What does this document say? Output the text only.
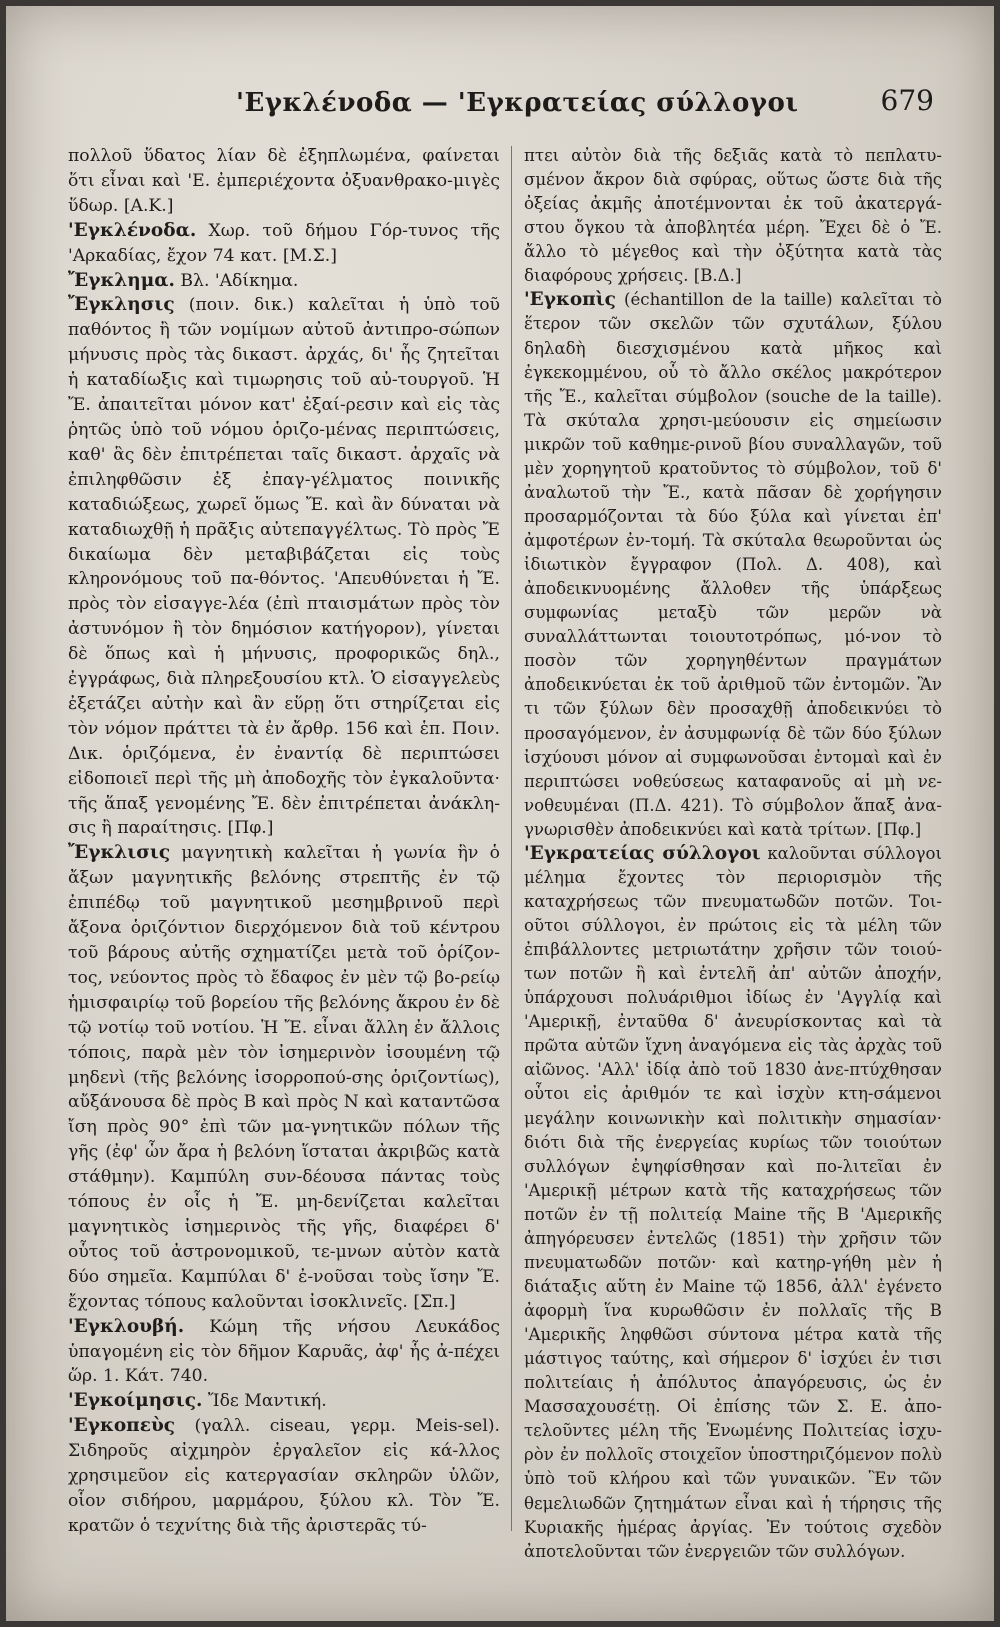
'Εγκλένοδα — 'Εγκρατείας σύλλογοι	679

πολλοῦ ὕδατος λίαν δὲ ἐξηπλωμένα, φαίνεται ὅτι εἶναι καὶ 'Ε. ἐμπεριέχοντα ὀξυανθρακο-μιγὲς ὕδωρ. [Α.Κ.]

'Εγκλένοδα. Χωρ. τοῦ δήμου Γόρ-τυνος τῆς 'Αρκαδίας, ἔχον 74 κατ. [Μ.Σ.]

Ἔγκλημα. Βλ. 'Αδίκημα.

Ἔγκλησις (ποιν. δικ.) καλεῖται ἡ ὑπὸ τοῦ παθόντος ἢ τῶν νομίμων αὐτοῦ ἀντιπρο-σώπων μήνυσις πρὸς τὰς δικαστ. ἀρχάς, δι' ἧς ζητεῖται ἡ καταδίωξις καὶ τιμωρησις τοῦ αὐ-τουργοῦ. Ἡ Ἔ. ἀπαιτεῖται μόνον κατ' ἐξαί-ρεσιν καὶ εἰς τὰς ῥητῶς ὑπὸ τοῦ νόμου ὁριζο-μένας περιπτώσεις, καθ' ἃς δὲν ἐπιτρέπεται ταῖς δικαστ. ἀρχαῖς νὰ ἐπιληφθῶσιν ἐξ ἐπαγ-γέλματος ποινικῆς καταδιώξεως, χωρεῖ ὅμως Ἔ. καὶ ἂν δύναται νὰ καταδιωχθῇ ἡ πρᾶξις αὐτεπαγγέλτως. Τὸ πρὸς Ἔ δικαίωμα δὲν μεταβιβάζεται εἰς τοὺς κληρονόμους τοῦ πα-θόντος. 'Απευθύνεται ἡ Ἔ. πρὸς τὸν εἰσαγγε-λέα (ἐπὶ πταισμάτων πρὸς τὸν ἀστυνόμον ἢ τὸν δημόσιον κατήγορον), γίνεται δὲ ὅπως καὶ ἡ μήνυσις, προφορικῶς δηλ., ἐγγράφως, διὰ πληρεξουσίου κτλ. Ὁ εἰσαγγελεὺς ἐξετάζει αὐτὴν καὶ ἂν εὕρῃ ὅτι στηρίζεται εἰς τὸν νόμον πράττει τὰ ἐν ἄρθρ. 156 καὶ ἑπ. Ποιν. Δικ. ὁριζόμενα, ἐν ἐναντίᾳ δὲ περιπτώσει εἰδοποιεῖ περὶ τῆς μὴ ἀποδοχῆς τὸν ἐγκαλοῦντα· τῆς ἅπαξ γενομένης Ἔ. δὲν ἐπιτρέπεται ἀνάκλη-σις ἢ παραίτησις. [Πφ.]

Ἔγκλισις μαγνητικὴ καλεῖται ἡ γωνία ἣν ὁ ἄξων μαγνητικῆς βελόνης στρεπτῆς ἐν τῷ ἐπιπέδῳ τοῦ μαγνητικοῦ μεσημβρινοῦ περὶ ἄξονα ὁριζόντιον διερχόμενον διὰ τοῦ κέντρου τοῦ βάρους αὐτῆς σχηματίζει μετὰ τοῦ ὁρίζον-τος, νεύοντος πρὸς τὸ ἔδαφος ἐν μὲν τῷ βο-ρείῳ ἡμισφαιρίῳ τοῦ βορείου τῆς βελόνης ἄκρου ἐν δὲ τῷ νοτίῳ τοῦ νοτίου. Ἡ Ἔ. εἶναι ἄλλη ἐν ἄλλοις τόποις, παρὰ μὲν τὸν ἰσημερινὸν ἰσουμένη τῷ μηδενὶ (τῆς βελόνης ἰσορροπού-σης ὁριζοντίως), αὔξάνουσα δὲ πρὸς Β καὶ πρὸς Ν καὶ καταντῶσα ἴση πρὸς 90° ἐπὶ τῶν μα-γνητικῶν πόλων τῆς γῆς (ἐφ' ὧν ἄρα ἡ βελόνη ἵσταται ἀκριβῶς κατὰ στάθμην). Καμπύλη συν-δέουσα πάντας τοὺς τόπους ἐν οἷς ἡ Ἔ. μη-δενίζεται καλεῖται μαγνητικὸς ἰσημερινὸς τῆς γῆς, διαφέρει δ' οὗτος τοῦ ἀστρονομικοῦ, τε-μνων αὐτὸν κατὰ δύο σημεῖα. Καμπύλαι δ' ἐ-νοῦσαι τοὺς ἴσην Ἔ. ἔχοντας τόπους καλοῦνται ἰσοκλινεῖς. [Σπ.]

'Εγκλουβή. Κώμη τῆς νήσου Λευκάδος ὑπαγομένη εἰς τὸν δῆμον Καρυᾶς, ἀφ' ἧς ἀ-πέχει ὥρ. 1. Κάτ. 740.

'Εγκοίμησις. Ἴδε Μαντική.

'Εγκοπεὺς (γαλλ. ciseau, γερμ. Meis-sel). Σιδηροῦς αἰχμηρὸν ἐργαλεῖον εἰς κά-λλος χρησιμεῦον εἰς κατεργασίαν σκληρῶν ὑλῶν, οἷον σιδήρου, μαρμάρου, ξύλου κλ. Τὸν Ἔ. κρατῶν ὁ τεχνίτης διὰ τῆς ἀριστερᾶς τύ-

πτει αὐτὸν διὰ τῆς δεξιᾶς κατὰ τὸ πεπλατυ-σμένον ἄκρον διὰ σφύρας, οὕτως ὥστε διὰ τῆς ὀξείας ἀκμῆς ἀποτέμνονται ἐκ τοῦ ἀκατεργά-στου ὄγκου τὰ ἀποβλητέα μέρη. Ἔχει δὲ ὁ Ἔ. ἄλλο τὸ μέγεθος καὶ τὴν ὀξύτητα κατὰ τὰς διαφόρους χρήσεις. [Β.Δ.]

'Εγκοπὶς (échantillon de la taille) καλεῖται τὸ ἕτερον τῶν σκελῶν τῶν σχυτάλων, ξύλου δηλαδὴ διεσχισμένου κατὰ μῆκος καὶ ἐγκεκομμένου, οὗ τὸ ἄλλο σκέλος μακρότερον τῆς Ἔ., καλεῖται σύμβολον (souche de la taille). Τὰ σκύταλα χρησι-μεύουσιν εἰς σημείωσιν μικρῶν τοῦ καθημε-ρινοῦ βίου συναλλαγῶν, τοῦ μὲν χορηγητοῦ κρατοῦντος τὸ σύμβολον, τοῦ δ' ἀναλωτοῦ τὴν Ἔ., κατὰ πᾶσαν δὲ χορήγησιν προσαρμόζονται τὰ δύο ξύλα καὶ γίνεται ἐπ' ἀμφοτέρων ἐν-τομή. Τὰ σκύταλα θεωροῦνται ὡς ἰδιωτικὸν ἔγγραφον (Πολ. Δ. 408), καὶ ἀποδεικνυομένης ἄλλοθεν τῆς ὑπάρξεως συμφωνίας μεταξὺ τῶν μερῶν νὰ συναλλάττωνται τοιουτοτρόπως, μό-νον τὸ ποσὸν τῶν χορηγηθέντων πραγμάτων ἀποδεικνύεται ἐκ τοῦ ἀριθμοῦ τῶν ἐντομῶν. Ἂν τι τῶν ξύλων δὲν προσαχθῇ ἀποδεικνύει τὸ προσαγόμενον, ἐν ἀσυμφωνίᾳ δὲ τῶν δύο ξύλων ἰσχύουσι μόνον αἱ συμφωνοῦσαι ἐντομαὶ καὶ ἐν περιπτώσει νοθεύσεως καταφανοῦς αἱ μὴ νε-νοθευμέναι (Π.Δ. 421). Τὸ σύμβολον ἅπαξ ἀνα-γνωρισθὲν ἀποδεικνύει καὶ κατὰ τρίτων. [Πφ.]

'Εγκρατείας σύλλογοι καλοῦνται σύλλογοι μέλημα ἔχοντες τὸν περιορισμὸν τῆς καταχρήσεως τῶν πνευματωδῶν ποτῶν. Τοι-οῦτοι σύλλογοι, ἐν πρώτοις εἰς τὰ μέλη τῶν ἐπιβάλλοντες μετριωτάτην χρῆσιν τῶν τοιού-των ποτῶν ἢ καὶ ἐντελῆ ἀπ' αὐτῶν ἀποχήν, ὑπάρχουσι πολυάριθμοι ἰδίως ἐν 'Αγγλίᾳ καὶ 'Αμερικῇ, ἐνταῦθα δ' ἀνευρίσκοντας καὶ τὰ πρῶτα αὐτῶν ἴχνη ἀναγόμενα εἰς τὰς ἀρχὰς τοῦ αἰῶνος. 'Αλλ' ἰδίᾳ ἀπὸ τοῦ 1830 ἀνε-πτύχθησαν οὗτοι εἰς ἀριθμόν τε καὶ ἰσχὺν κτη-σάμενοι μεγάλην κοινωνικὴν καὶ πολιτικὴν σημασίαν· διότι διὰ τῆς ἐνεργείας κυρίως τῶν τοιούτων συλλόγων ἐψηφίσθησαν καὶ πο-λιτεῖαι ἐν 'Αμερικῇ μέτρων κατὰ τῆς καταχρήσεως τῶν ποτῶν ἐν τῇ πολιτείᾳ Maine τῆς Β 'Αμερικῆς ἀπηγόρευσεν ἐντελῶς (1851) τὴν χρῆσιν τῶν πνευματωδῶν ποτῶν· καὶ κατηρ-γήθη μὲν ἡ διάταξις αὕτη ἐν Maine τῷ 1856, ἀλλ' ἐγένετο ἀφορμὴ ἵνα κυρωθῶσιν ἐν πολλαῖς τῆς Β 'Αμερικῆς ληφθῶσι σύντονα μέτρα κατὰ τῆς μάστιγος ταύτης, καὶ σήμερον δ' ἰσχύει ἐν τισι πολιτείαις ἡ ἀπόλυτος ἀπαγόρευσις, ὡς ἐν Μασσαχουσέτῃ. Οἱ ἐπίσης τῶν Σ. Ε. ἀπο-τελοῦντες μέλη τῆς Ἑνωμένης Πολιτείας ἰσχυ-ρὸν ἐν πολλοῖς στοιχεῖον ὑποστηριζόμενον πολὺ ὑπὸ τοῦ κλήρου καὶ τῶν γυναικῶν. Ἓν τῶν θεμελιωδῶν ζητημάτων εἶναι καὶ ἡ τήρησις τῆς Κυριακῆς ἡμέρας ἀργίας. Ἐν τούτοις σχεδὸν ἀποτελοῦνται τῶν ἐνεργειῶν τῶν συλλόγων.
